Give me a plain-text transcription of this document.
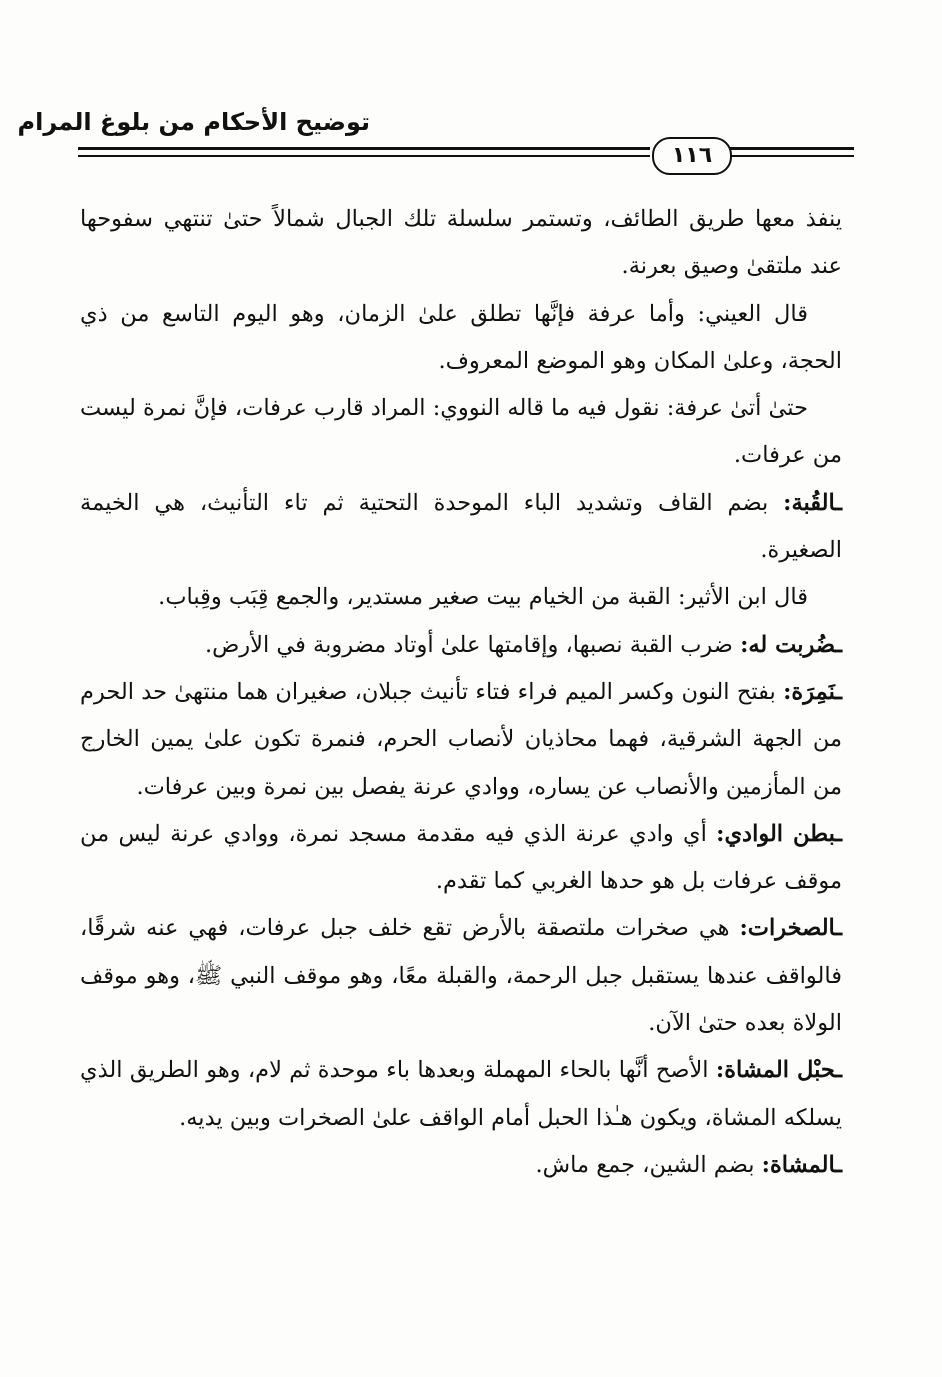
توضيح الأحكام من بلوغ المرام
١١٦

ينفذ معها طريق الطائف، وتستمر سلسلة تلك الجبال شمالاً حتىٰ تنتهي سفوحها عند ملتقىٰ وصيق بعرنة.

قال العيني: وأما عرفة فإنَّها تطلق علىٰ الزمان، وهو اليوم التاسع من ذي الحجة، وعلىٰ المكان وهو الموضع المعروف.

حتىٰ أتىٰ عرفة: نقول فيه ما قاله النووي: المراد قارب عرفات، فإنَّ نمرة ليست من عرفات.

ـالقُبة: بضم القاف وتشديد الباء الموحدة التحتية ثم تاء التأنيث، هي الخيمة الصغيرة.

قال ابن الأثير: القبة من الخيام بيت صغير مستدير، والجمع قِبَب وقِباب.

ـضُربت له: ضرب القبة نصبها، وإقامتها علىٰ أوتاد مضروبة في الأرض.

ـنَمِرَة: بفتح النون وكسر الميم فراء فتاء تأنيث جبلان، صغيران هما منتهىٰ حد الحرم من الجهة الشرقية، فهما محاذيان لأنصاب الحرم، فنمرة تكون علىٰ يمين الخارج من المأزمين والأنصاب عن يساره، ووادي عرنة يفصل بين نمرة وبين عرفات.

ـبطن الوادي: أي وادي عرنة الذي فيه مقدمة مسجد نمرة، ووادي عرنة ليس من موقف عرفات بل هو حدها الغربي كما تقدم.

ـالصخرات: هي صخرات ملتصقة بالأرض تقع خلف جبل عرفات، فهي عنه شرقًا، فالواقف عندها يستقبل جبل الرحمة، والقبلة معًا، وهو موقف النبي ﷺ، وهو موقف الولاة بعده حتىٰ الآن.

ـحبْل المشاة: الأصح أنَّها بالحاء المهملة وبعدها باء موحدة ثم لام، وهو الطريق الذي يسلكه المشاة، ويكون هـٰذا الحبل أمام الواقف علىٰ الصخرات وبين يديه.

ـالمشاة: بضم الشين، جمع ماش.
